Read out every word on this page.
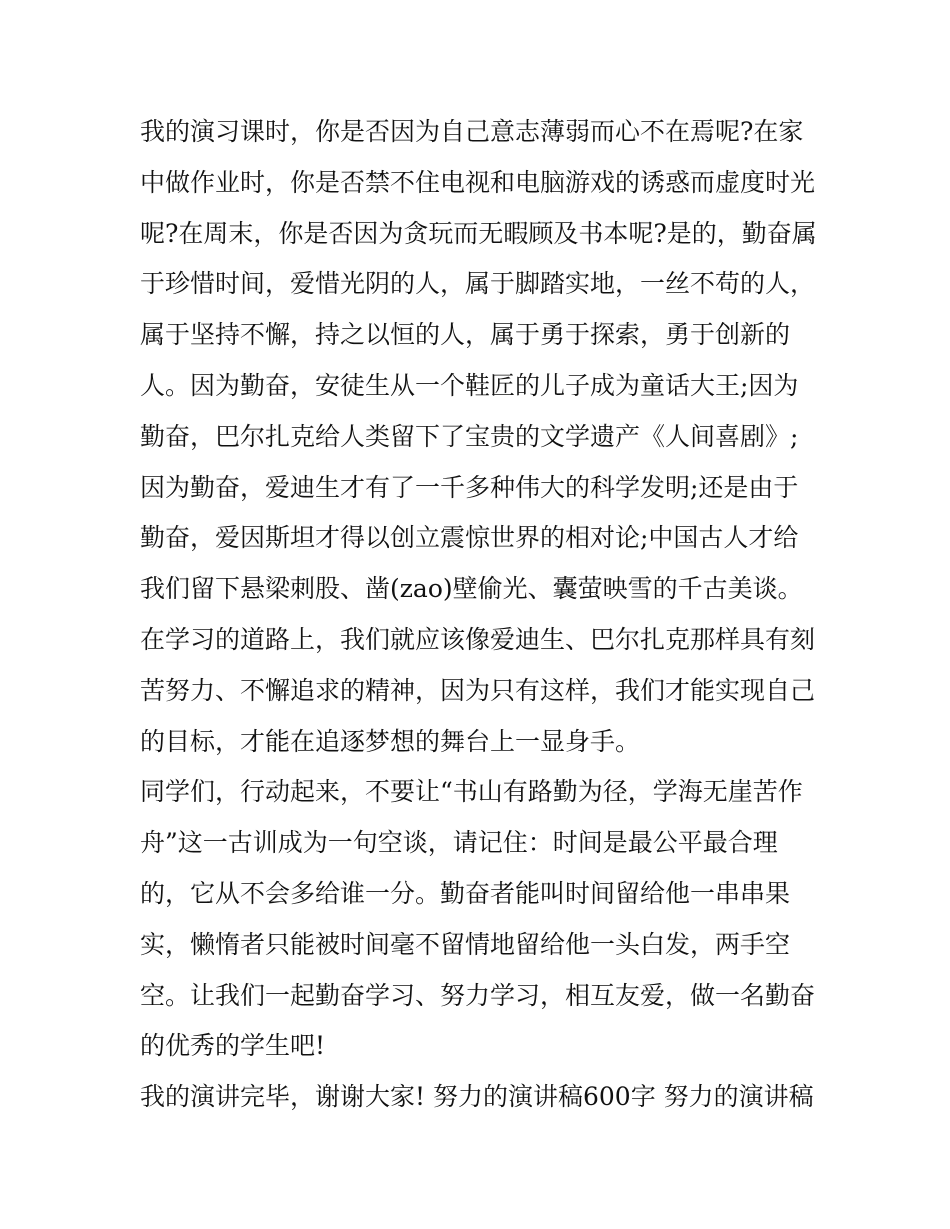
我的演习课时，你是否因为自己意志薄弱而心不在焉呢?在家
中做作业时，你是否禁不住电视和电脑游戏的诱惑而虚度时光
呢?在周末，你是否因为贪玩而无暇顾及书本呢?是的，勤奋属
于珍惜时间，爱惜光阴的人，属于脚踏实地，一丝不苟的人，
属于坚持不懈，持之以恒的人，属于勇于探索，勇于创新的
人。因为勤奋，安徒生从一个鞋匠的儿子成为童话大王;因为
勤奋，巴尔扎克给人类留下了宝贵的文学遗产《人间喜剧》;
因为勤奋，爱迪生才有了一千多种伟大的科学发明;还是由于
勤奋，爱因斯坦才得以创立震惊世界的相对论;中国古人才给
我们留下悬梁刺股、凿(zao)壁偷光、囊萤映雪的千古美谈。
在学习的道路上，我们就应该像爱迪生、巴尔扎克那样具有刻
苦努力、不懈追求的精神，因为只有这样，我们才能实现自己
的目标，才能在追逐梦想的舞台上一显身手。
同学们，行动起来，不要让“书山有路勤为径，学海无崖苦作
舟”这一古训成为一句空谈，请记住：时间是最公平最合理
的，它从不会多给谁一分。勤奋者能叫时间留给他一串串果
实，懒惰者只能被时间毫不留情地留给他一头白发，两手空
空。让我们一起勤奋学习、努力学习，相互友爱，做一名勤奋
的优秀的学生吧!
我的演讲完毕，谢谢大家! 努力的演讲稿600字 努力的演讲稿
